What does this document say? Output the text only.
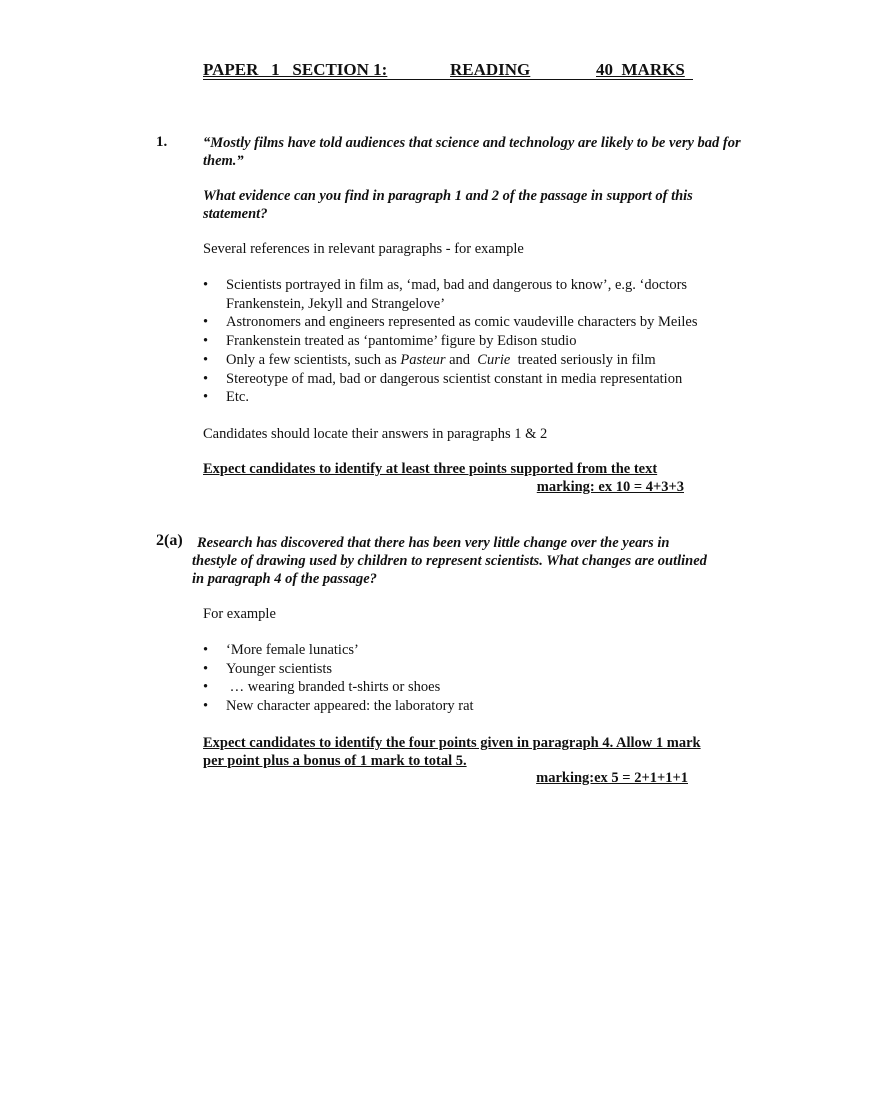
PAPER   1   SECTION 1:	READING	40  MARKS
1. “Mostly films have told audiences that science and technology are likely to be very bad for them.”
What evidence can you find in paragraph 1 and 2 of the passage in support of this statement?
Several references in relevant paragraphs - for example
• Scientists portrayed in film as, ‘mad, bad and dangerous to know’, e.g. ‘doctors Frankenstein, Jekyll and Strangelove’
• Astronomers and engineers represented as comic vaudeville characters by Meiles
• Frankenstein treated as ‘pantomime’ figure by Edison studio
• Only a few scientists, such as Pasteur and  Curie  treated seriously in film
• Stereotype of mad, bad or dangerous scientist constant in media representation
• Etc.
Candidates should locate their answers in paragraphs 1 & 2
Expect candidates to identify at least three points supported from the text
marking: ex 10 = 4+3+3
2(a) Research has discovered that there has been very little change over the years in thestyle of drawing used by children to represent scientists. What changes are outlined in paragraph 4 of the passage?
For example
• ‘More female lunatics’
• Younger scientists
•  … wearing branded t-shirts or shoes
• New character appeared: the laboratory rat
Expect candidates to identify the four points given in paragraph 4. Allow 1 mark per point plus a bonus of 1 mark to total 5.
marking:ex 5 = 2+1+1+1
